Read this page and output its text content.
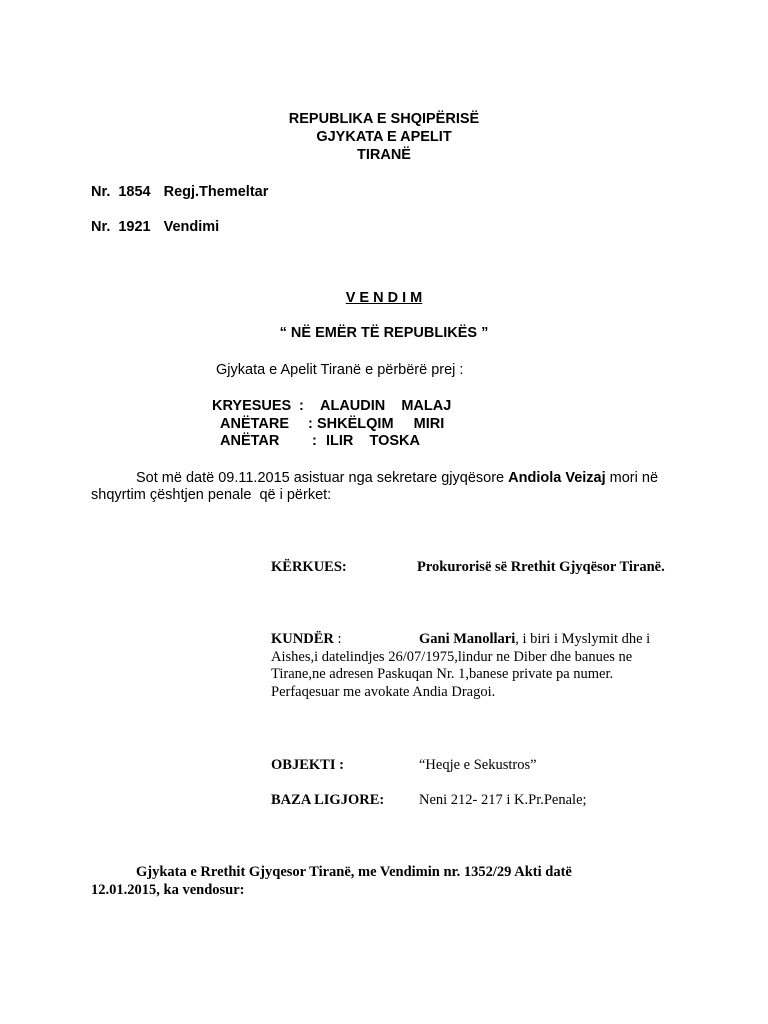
REPUBLIKA E SHQIPËRISË
GJYKATA E APELIT
TIRANË
Nr. 1854 Regj.Themeltar
Nr. 1921 Vendimi
V E N D I M
“ NË EMËR TË REPUBLIKËS ”
Gjykata e Apelit Tiranë e përbërë prej :
KRYESUES : ALAUDIN    MALAJ
ANËTARE : SHKËLQIM     MIRI
ANËTAR : ILIR    TOSKA
Sot më datë 09.11.2015 asistuar nga sekretare gjyqësore Andiola Veizaj mori në
shqyrtim çështjen penale  që i përket:
KËRKUES:	Prokurorisë së Rrethit Gjyqësor Tiranë.
KUNDËR :	Gani Manollari, i biri i Myslymit dhe i
Aishes,i datelindjes 26/07/1975,lindur ne Diber dhe banues ne
Tirane,ne adresen Paskuqan Nr. 1,banese private pa numer.
Perfaqesuar me avokate Andia Dragoi.
OBJEKTI :	“Heqje e Sekustros”
BAZA LIGJORE: Neni 212- 217 i K.Pr.Penale;
Gjykata e Rrethit Gjyqesor Tiranë, me Vendimin nr. 1352/29 Akti datë
12.01.2015, ka vendosur:
